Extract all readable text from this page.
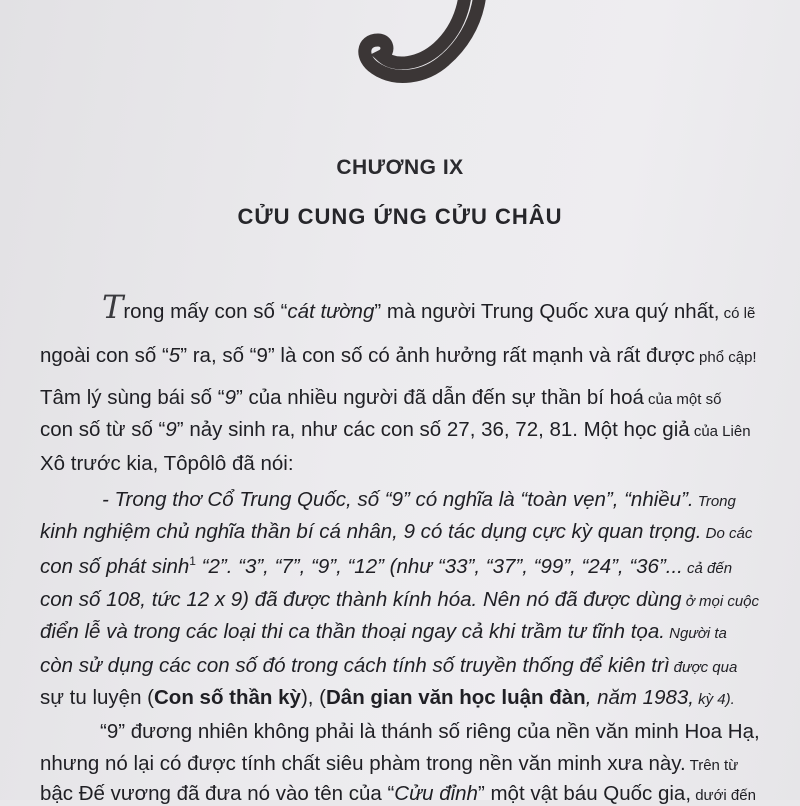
CHƯƠNG IX
CỬU CUNG ỨNG CỬU CHÂU
Trong mấy con số “cát tường” mà người Trung Quốc xưa quý nhất, có lẽ
ngoài con số “5” ra, số “9” là con số có ảnh hưởng rất mạnh và rất được phổ cập!
Tâm lý sùng bái số “9” của nhiều người đã dẫn đến sự thần bí hoá của một số
con số từ số “9” nảy sinh ra, như các con số 27, 36, 72, 81. Một học giả của Liên
Xô trước kia, Tôpôlô đã nói:
- Trong thơ Cổ Trung Quốc, số “9” có nghĩa là “toàn vẹn”, “nhiều”. Trong
kinh nghiệm chủ nghĩa thần bí cá nhân, 9 có tác dụng cực kỳ quan trọng. Do các
con số phát $\sinh^1$ “2”. “3”, “7”, “9”, “12” (như “33”, “37”, “99”, “24”, “36”... cả đến
con số 108, tức 12 x 9) đã được thành kính hóa. Nên nó đã được dùng ở mọi cuộc
điển lễ và trong các loại thi ca thần thoại ngay cả khi trầm tư tĩnh tọa. Người ta
còn sử dụng các con số đó trong cách tính số truyền thống để kiên trì được qua
sự tu luyện (Con số thần kỳ), (Dân gian văn học luận đàn, năm 1983, kỳ 4).
“9” đương nhiên không phải là thánh số riêng của nền văn minh Hoa Hạ,
nhưng nó lại có được tính chất siêu phàm trong nền văn minh xưa này. Trên từ
bậc Đế vương đã đưa nó vào tên của “Cửu đỉnh” một vật báu Quốc gia, dưới đến
